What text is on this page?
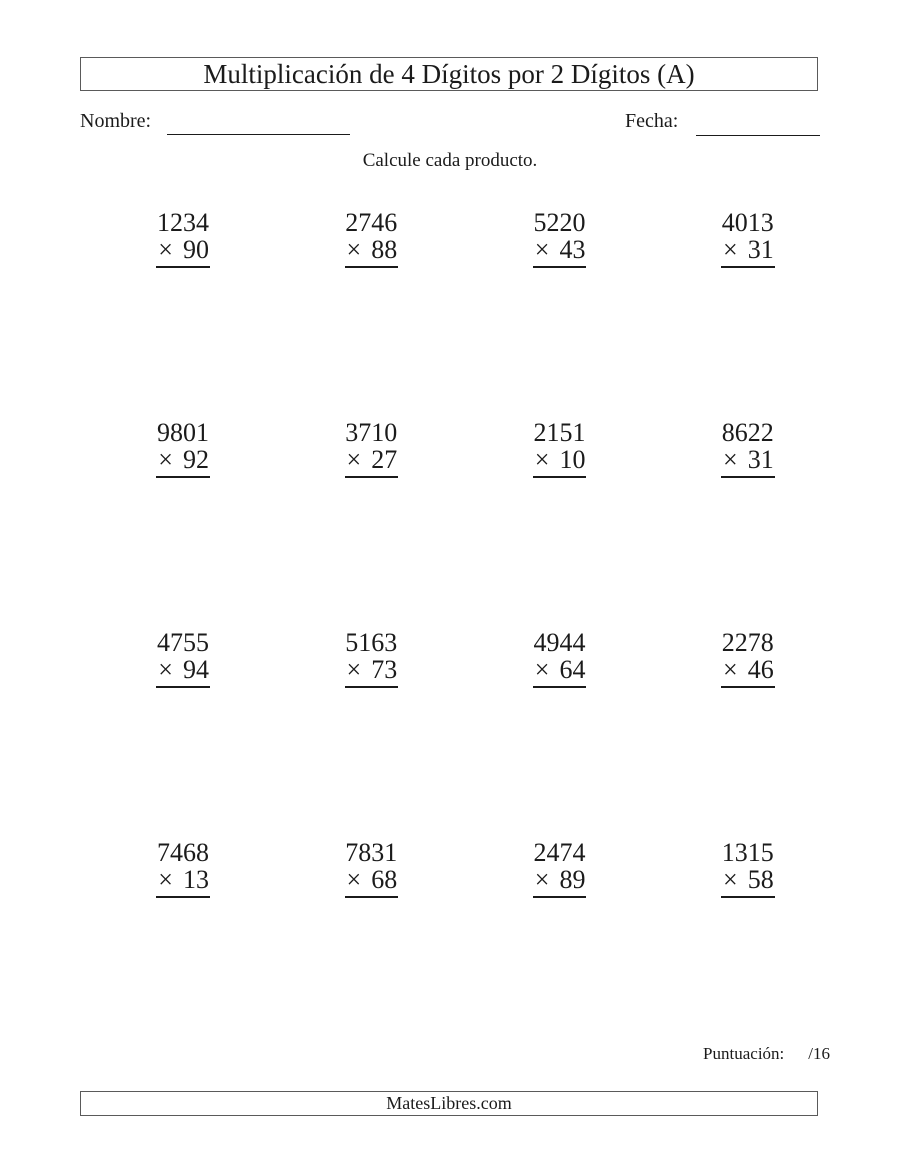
Multiplicación de 4 Dígitos por 2 Dígitos (A)
Nombre:	Fecha:
Calcule cada producto.
1234
× 90
2746
× 88
5220
× 43
4013
× 31
9801
× 92
3710
× 27
2151
× 10
8622
× 31
4755
× 94
5163
× 73
4944
× 64
2278
× 46
7468
× 13
7831
× 68
2474
× 89
1315
× 58
Puntuación: /16
MatesLibres.com
